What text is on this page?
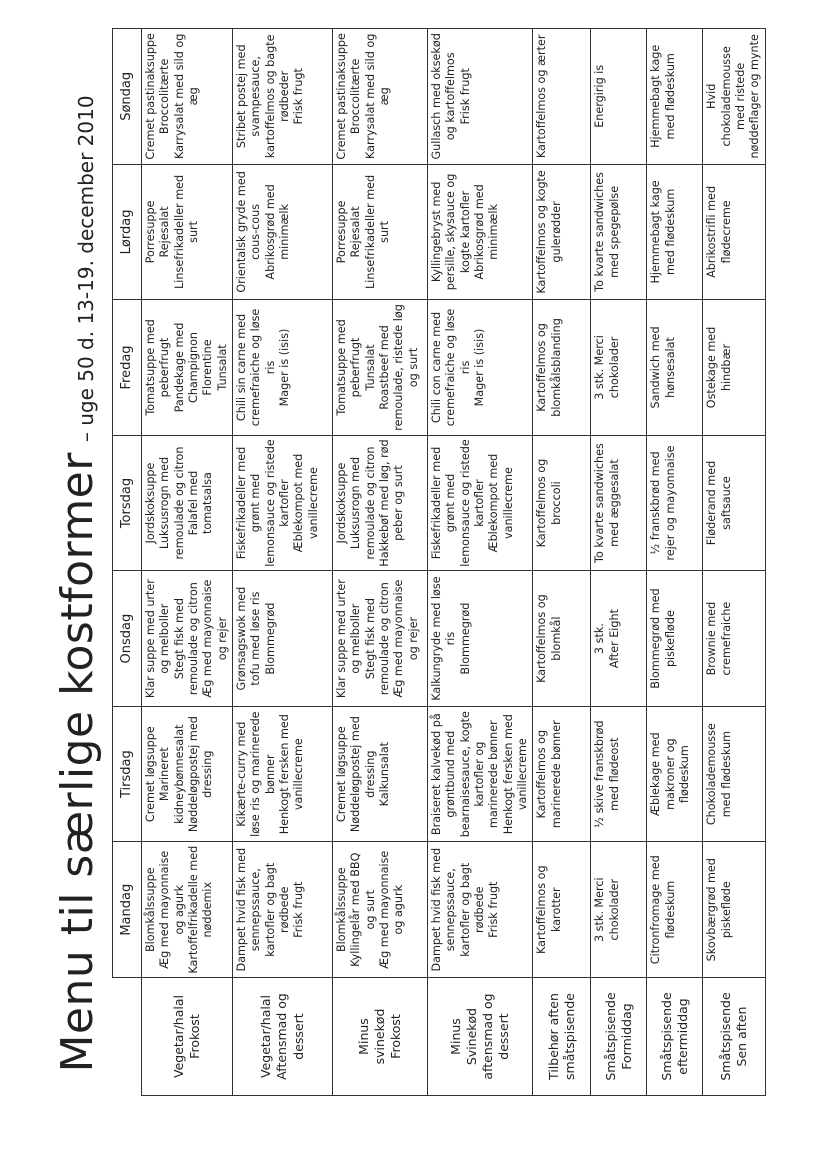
Menu til særlige kostformer
– uge 50 d. 13-19. december 2010
	Mandag	Tirsdag	Onsdag	Torsdag	Fredag	Lørdag	Søndag
Vegetar/halal
Frokost	Blomkålssuppe
Æg med mayonnaise og agurk
Kartoffelfrikadelle med nøddemix	Cremet løgsuppe
Marineret kidneybønnesalat
Nøddeløgpostej med dressing	Klar suppe med urter og melboller
Stegt fisk med remoulade og citron
Æg med mayonnaise og rejer	Jordskoksuppe
Luksusrogn med remoulade og citron
Falafel med tomatsalsa	Tomatsuppe med peberfrugt
Pandekage med Champignon Florentine
Tunsalat	Porresuppe
Rejesalat
Linsefrikadeller med surt	Cremet pastinaksuppe
Broccolitærte
Karrysalat med sild og æg
Vegetar/halal
Aftensmad og dessert	Dampet hvid fisk med sennepssauce, kartofler og bagt rødbede
Frisk frugt	Kikærte-curry med løse ris og marinerede bønner
Henkogt fersken med vanillecreme	Grønsagswok med tofu med løse ris
Blommegrød	Fiskefrikadeller med grønt med lemonsauce og ristede kartofler
Æblekompot med vanillecreme	Chili sin carne med cremefraiche og løse ris
Mager is (isis)	Orientalsk gryde med cous-cous
Abrikosgrød med minimælk	Stribet postej med svampesauce, kartoffelmos og bagte rødbeder
Frisk frugt
Minus
svinekød
Frokost	Blomkålssuppe
Kyllingelår med BBQ og surt
Æg med mayonnaise og agurk	Cremet løgsuppe
Nøddeløgpostej med dressing
Kalkunsalat	Klar suppe med urter og melboller
Stegt fisk med remoulade og citron
Æg med mayonnaise og rejer	Jordskoksuppe
Luksusrogn med remoulade og citron
Hakkebøf med løg, rød peber og surt	Tomatsuppe med peberfrugt
Tunsalat
Roastbeef med remoulade, ristede løg og surt	Porresuppe
Rejesalat
Linsefrikadeller med surt	Cremet pastinaksuppe
Broccolitærte
Karrysalat med sild og æg
Minus
Svinekød
aftensmad og
dessert	Dampet hvid fisk med sennepssauce, kartofler og bagt rødbede
Frisk frugt	Braiseret kalvekød på grøntbund med bearnaisesauce, kogte kartofler og marinerede bønner
Henkogt fersken med vanillecreme	Kalkungryde med løse ris
Blommegrød	Fiskefrikadeller med grønt med lemonsauce og ristede kartofler
Æblekompot med vanillecreme	Chili con carne med cremefraiche og løse ris
Mager is (isis)	Kyllingebryst med persille, skysauce og kogte kartofler
Abrikosgrød med minimælk	Gullasch med oksekød og kartoffelmos
Frisk frugt
Tilbehør aften
småtspisende	Kartoffelmos og karotter	Kartoffelmos og marinerede bønner	Kartoffelmos og blomkål	Kartoffelmos og broccoli	Kartoffelmos og blomkålsblanding	Kartoffelmos og kogte gulerødder	Kartoffelmos og ærter
Småtspisende
Formiddag	3 stk. Merci chokolader	½ skive franskbrød med flødeost	3 stk.
After Eight	To kvarte sandwiches med æggesalat	3 stk. Merci chokolader	To kvarte sandwiches med spegepølse	Energirig is
Småtspisende
eftermiddag	Citronfromage med flødeskum	Æblekage med makroner og flødeskum	Blommegrød med piskefløde	½ franskbrød med rejer og mayonnaise	Sandwich med hønsesalat	Hjemmebagt kage med flødeskum	Hjemmebagt kage med flødeskum
Småtspisende
Sen aften	Skovbærgrød med piskefløde	Chokolademousse med flødeskum	Brownie med cremefraiche	Fløderand med saftsauce	Ostekage med hindbær	Abrikostrifli med flødecreme	Hvid chokolademousse med ristede nøddeflager og mynte
